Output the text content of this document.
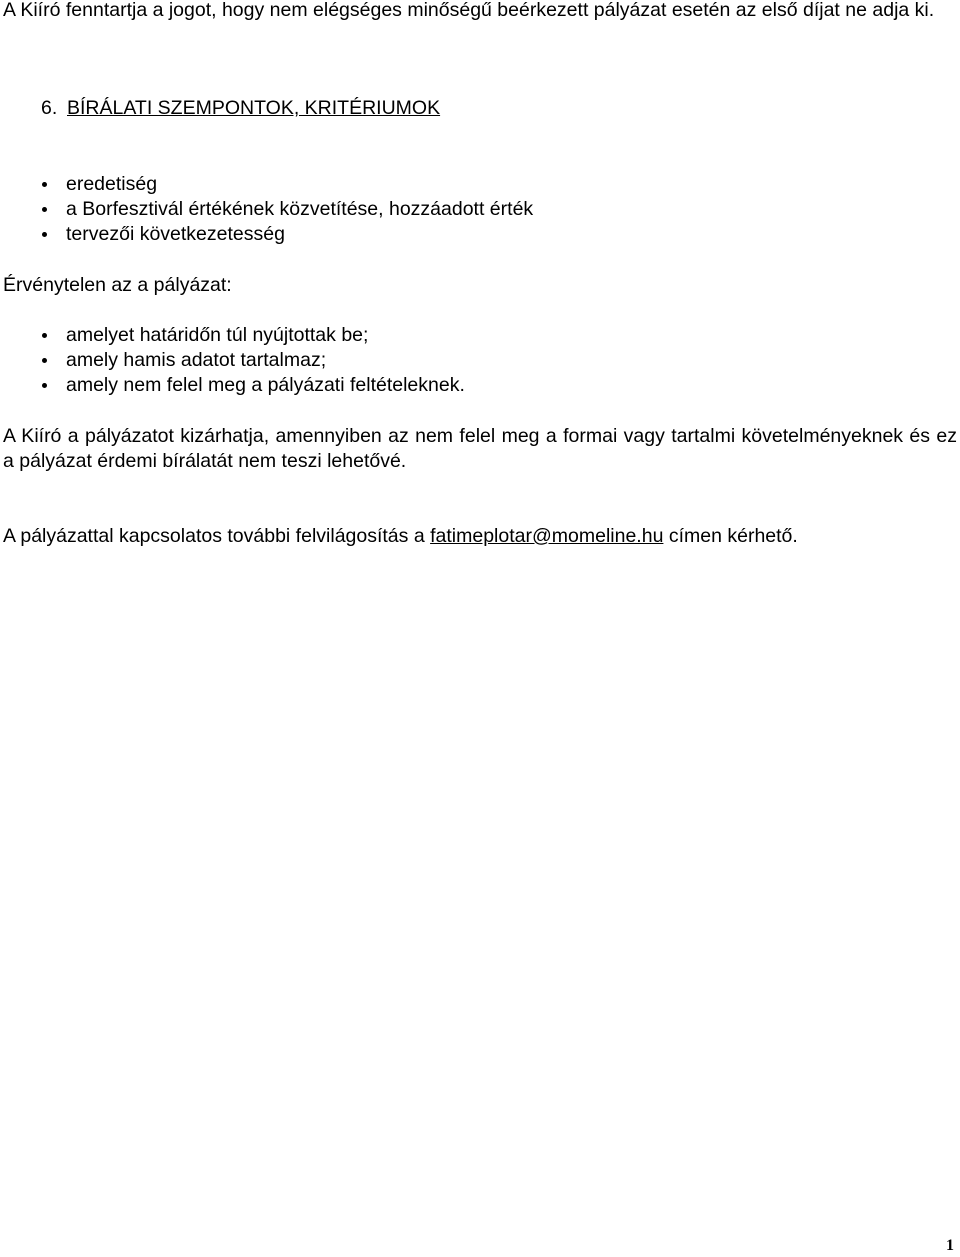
A Kiíró fenntartja a jogot, hogy nem elégséges minőségű beérkezett pályázat esetén az első díjat ne adja ki.

6. BÍRÁLATI SZEMPONTOK, KRITÉRIUMOK
eredetiség
a Borfesztivál értékének közvetítése, hozzáadott érték
tervezői következetesség

Érvénytelen az a pályázat:

amelyet határidőn túl nyújtottak be;
amely hamis adatot tartalmaz;
amely nem felel meg a pályázati feltételeknek.

A Kiíró a pályázatot kizárhatja, amennyiben az nem felel meg a formai vagy tartalmi követelményeknek és ez a pályázat érdemi bírálatát nem teszi lehetővé.

A pályázattal kapcsolatos további felvilágosítás a fatimeplotar@momeline.hu címen kérhető.

1
